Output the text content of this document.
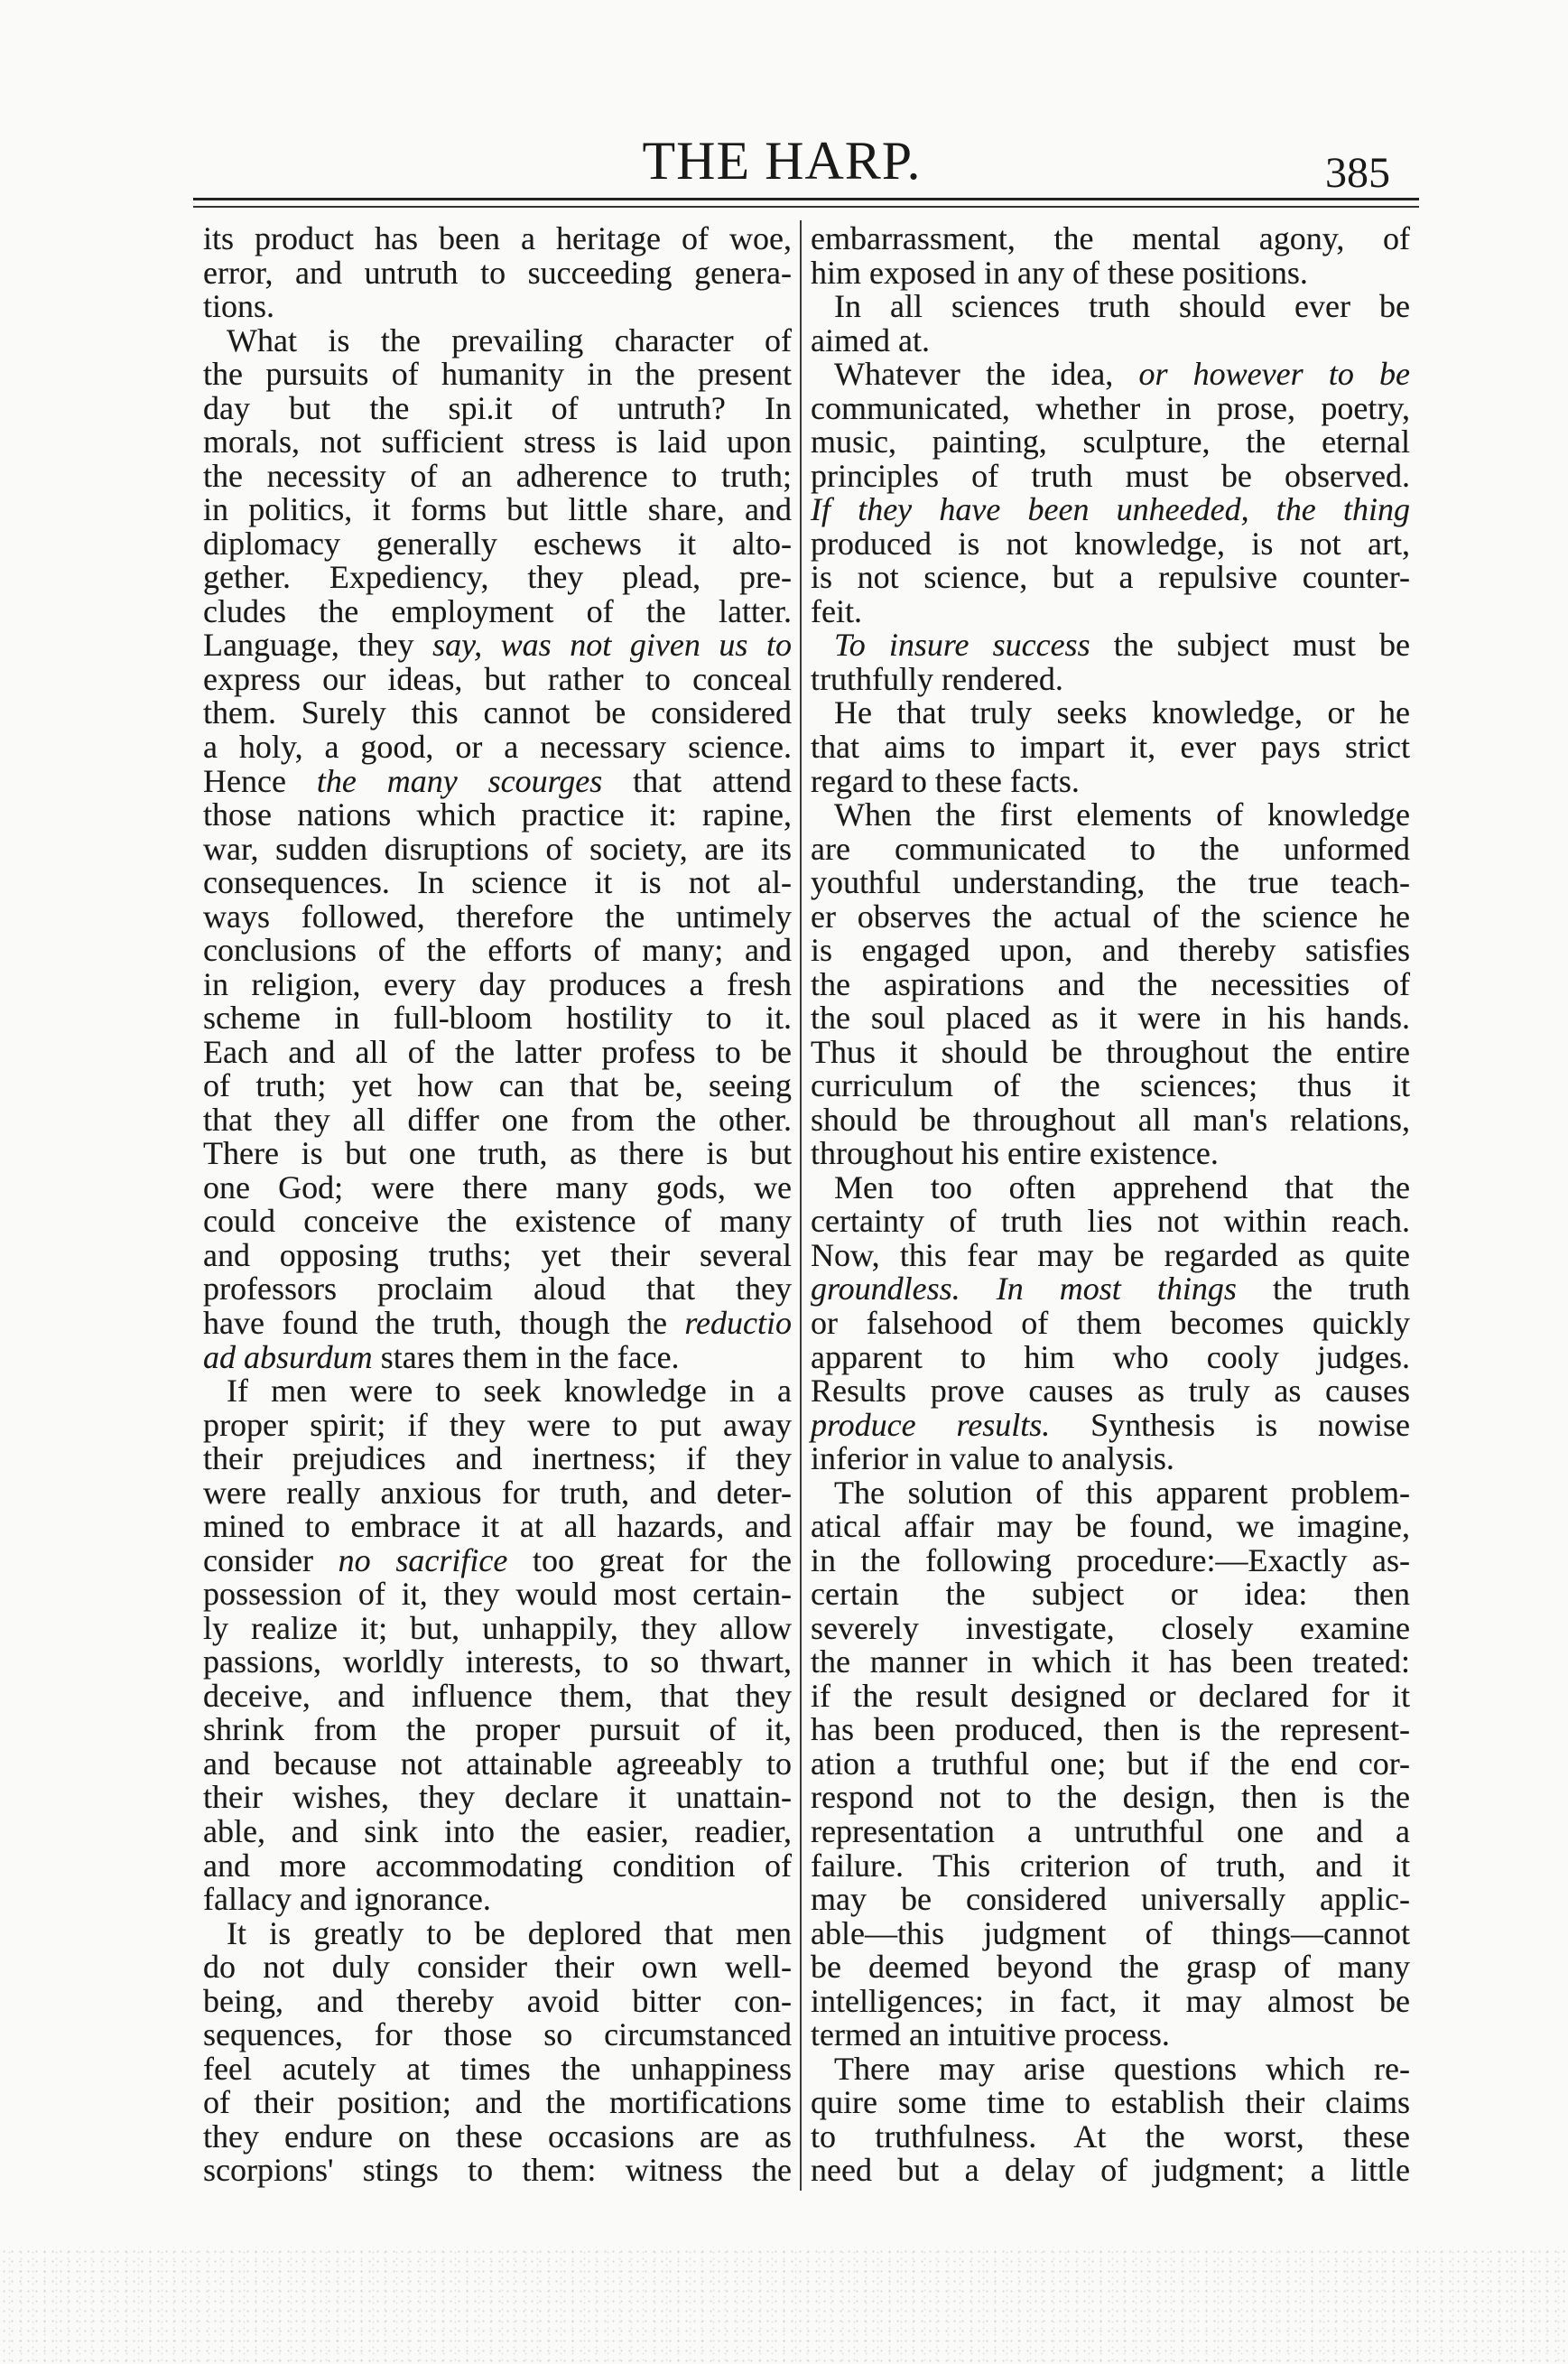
THE HARP.	385
its product has been a heritage of woe,
error, and untruth to succeeding genera-
tions.
What is the prevailing character of
the pursuits of humanity in the present
day but the spi.it of untruth? In
morals, not sufficient stress is laid upon
the necessity of an adherence to truth;
in politics, it forms but little share, and
diplomacy generally eschews it alto-
gether. Expediency, they plead, pre-
cludes the employment of the latter.
Language, they say, was not given us to
express our ideas, but rather to conceal
them. Surely this cannot be considered
a holy, a good, or a necessary science.
Hence the many scourges that attend
those nations which practice it: rapine,
war, sudden disruptions of society, are its
consequences. In science it is not al-
ways followed, therefore the untimely
conclusions of the efforts of many; and
in religion, every day produces a fresh
scheme in full-bloom hostility to it.
Each and all of the latter profess to be
of truth; yet how can that be, seeing
that they all differ one from the other.
There is but one truth, as there is but
one God; were there many gods, we
could conceive the existence of many
and opposing truths; yet their several
professors proclaim aloud that they
have found the truth, though the reductio
ad absurdum stares them in the face.
If men were to seek knowledge in a
proper spirit; if they were to put away
their prejudices and inertness; if they
were really anxious for truth, and deter-
mined to embrace it at all hazards, and
consider no sacrifice too great for the
possession of it, they would most certain-
ly realize it; but, unhappily, they allow
passions, worldly interests, to so thwart,
deceive, and influence them, that they
shrink from the proper pursuit of it,
and because not attainable agreeably to
their wishes, they declare it unattain-
able, and sink into the easier, readier,
and more accommodating condition of
fallacy and ignorance.
It is greatly to be deplored that men
do not duly consider their own well-
being, and thereby avoid bitter con-
sequences, for those so circumstanced
feel acutely at times the unhappiness
of their position; and the mortifications
they endure on these occasions are as
scorpions' stings to them: witness the
embarrassment, the mental agony, of
him exposed in any of these positions.
In all sciences truth should ever be
aimed at.
Whatever the idea, or however to be
communicated, whether in prose, poetry,
music, painting, sculpture, the eternal
principles of truth must be observed.
If they have been unheeded, the thing
produced is not knowledge, is not art,
is not science, but a repulsive counter-
feit.
To insure success the subject must be
truthfully rendered.
He that truly seeks knowledge, or he
that aims to impart it, ever pays strict
regard to these facts.
When the first elements of knowledge
are communicated to the unformed
youthful understanding, the true teach-
er observes the actual of the science he
is engaged upon, and thereby satisfies
the aspirations and the necessities of
the soul placed as it were in his hands.
Thus it should be throughout the entire
curriculum of the sciences; thus it
should be throughout all man's relations,
throughout his entire existence.
Men too often apprehend that the
certainty of truth lies not within reach.
Now, this fear may be regarded as quite
groundless. In most things the truth
or falsehood of them becomes quickly
apparent to him who cooly judges.
Results prove causes as truly as causes
produce results. Synthesis is nowise
inferior in value to analysis.
The solution of this apparent problem-
atical affair may be found, we imagine,
in the following procedure:—Exactly as-
certain the subject or idea: then
severely investigate, closely examine
the manner in which it has been treated:
if the result designed or declared for it
has been produced, then is the represent-
ation a truthful one; but if the end cor-
respond not to the design, then is the
representation a untruthful one and a
failure. This criterion of truth, and it
may be considered universally applic-
able—this judgment of things—cannot
be deemed beyond the grasp of many
intelligences; in fact, it may almost be
termed an intuitive process.
There may arise questions which re-
quire some time to establish their claims
to truthfulness. At the worst, these
need but a delay of judgment; a little
